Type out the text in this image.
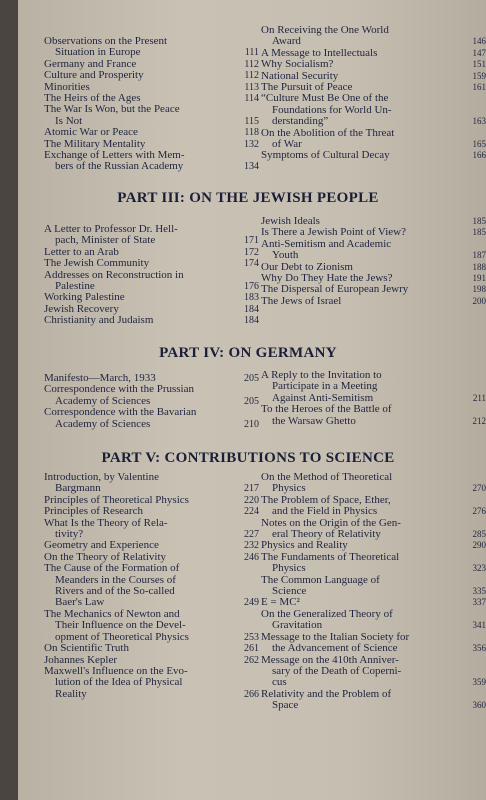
Observations on the Present
Situation in Europe	111
Germany and France	112
Culture and Prosperity	112
Minorities	113
The Heirs of the Ages	114
The War Is Won, but the Peace
Is Not	115
Atomic War or Peace	118
The Military Mentality	132
Exchange of Letters with Mem-
bers of the Russian Academy	134
On Receiving the One World
Award	146
A Message to Intellectuals	147
Why Socialism?	151
National Security	159
The Pursuit of Peace	161
“Culture Must Be One of the
Foundations for World Un-
derstanding”	163
On the Abolition of the Threat
of War	165
Symptoms of Cultural Decay	166
PART III: ON THE JEWISH PEOPLE
A Letter to Professor Dr. Hell-
pach, Minister of State	171
Letter to an Arab	172
The Jewish Community	174
Addresses on Reconstruction in
Palestine	176
Working Palestine	183
Jewish Recovery	184
Christianity and Judaism	184
Jewish Ideals	185
Is There a Jewish Point of View?	185
Anti-Semitism and Academic
Youth	187
Our Debt to Zionism	188
Why Do They Hate the Jews?	191
The Dispersal of European Jewry	198
The Jews of Israel	200
PART IV: ON GERMANY
Manifesto—March, 1933	205
Correspondence with the Prussian
Academy of Sciences	205
Correspondence with the Bavarian
Academy of Sciences	210
A Reply to the Invitation to
Participate in a Meeting
Against Anti-Semitism	211
To the Heroes of the Battle of
the Warsaw Ghetto	212
PART V: CONTRIBUTIONS TO SCIENCE
Introduction, by Valentine
Bargmann	217
Principles of Theoretical Physics	220
Principles of Research	224
What Is the Theory of Rela-
tivity?	227
Geometry and Experience	232
On the Theory of Relativity	246
The Cause of the Formation of
Meanders in the Courses of
Rivers and of the So-called
Baer's Law	249
The Mechanics of Newton and
Their Influence on the Devel-
opment of Theoretical Physics	253
On Scientific Truth	261
Johannes Kepler	262
Maxwell's Influence on the Evo-
lution of the Idea of Physical
Reality	266
On the Method of Theoretical
Physics	270
The Problem of Space, Ether,
and the Field in Physics	276
Notes on the Origin of the Gen-
eral Theory of Relativity	285
Physics and Reality	290
The Fundaments of Theoretical
Physics	323
The Common Language of
Science	335
E = MC²	337
On the Generalized Theory of
Gravitation	341
Message to the Italian Society for
the Advancement of Science	356
Message on the 410th Anniver-
sary of the Death of Coperni-
cus	359
Relativity and the Problem of
Space	360
